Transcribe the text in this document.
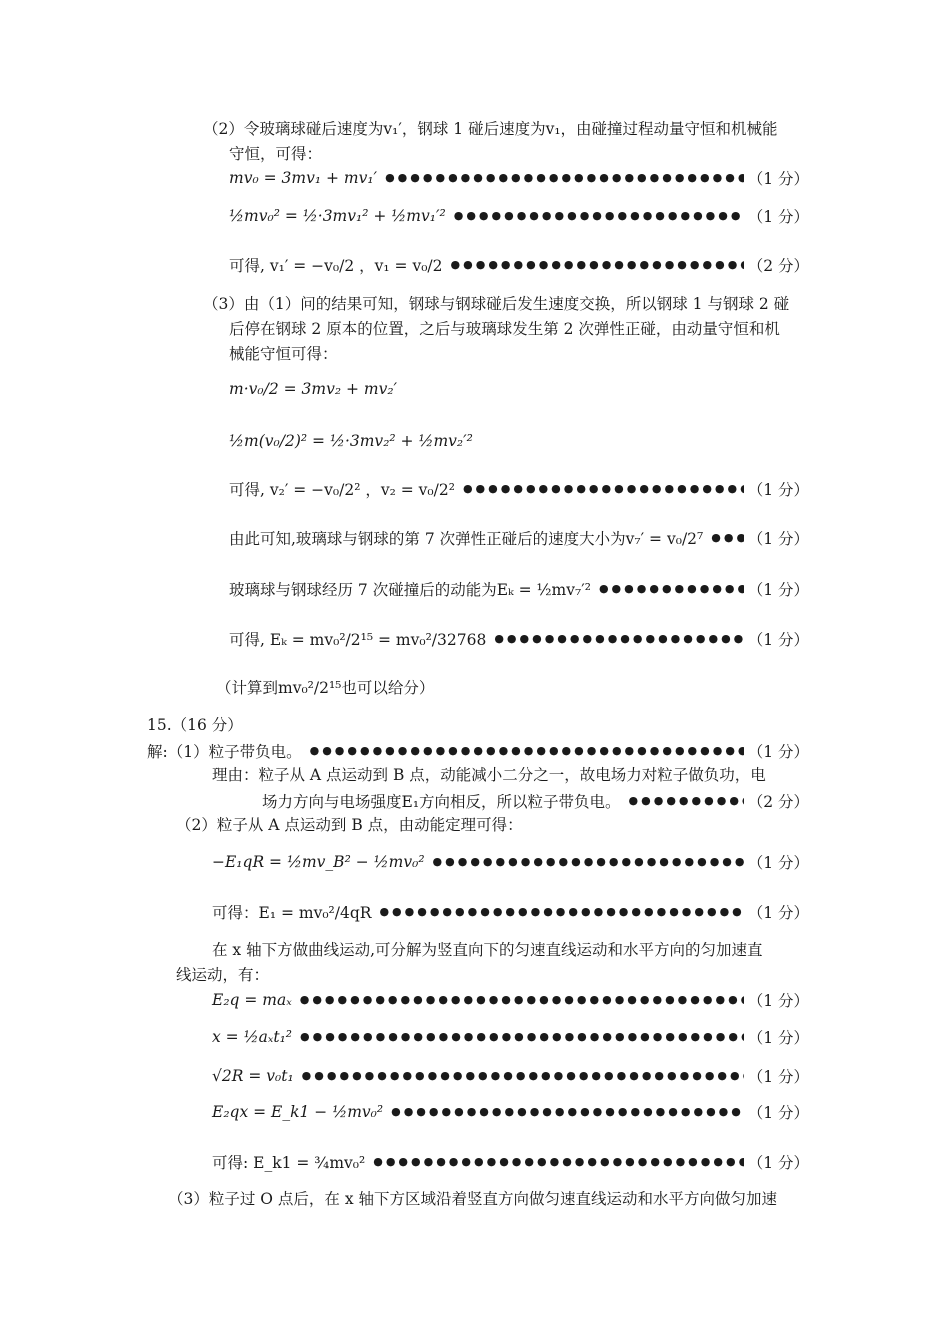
（2）令玻璃球碰后速度为v₁′，钢球 1 碰后速度为v₁，由碰撞过程动量守恒和机械能
守恒，可得：
mv₀ = 3mv₁ + mv₁′ ●●●●●●●●●●●●●●●●●●●●●●●●●●●●●●●●●●●●●●●●●●●●●●●●●●●●●●●●●●●●●●●●●●●●●●●●●●●●●●●●●●●●●	（1 分）
½mv₀² = ½·3mv₁² + ½mv₁′² ●●●●●●●●●●●●●●●●●●●●●●●●●●●●●●●●●●●●●●●●●●●●●●●●●●●●●●●●●●●●●●●●●●●●●●●●●●●●●●●●●●●●●	（1 分）
可得, v₁′ = −v₀/2 ，v₁ = v₀/2 ●●●●●●●●●●●●●●●●●●●●●●●●●●●●●●●●●●●●●●●●●●●●●●●●●●●●●●●●●●●●●●●●●●●●●●●●●●●●●●●●●●●●●	（2 分）
（3）由（1）问的结果可知，钢球与钢球碰后发生速度交换，所以钢球 1 与钢球 2 碰
后停在钢球 2 原本的位置，之后与玻璃球发生第 2 次弹性正碰，由动量守恒和机
械能守恒可得：
m·v₀/2 = 3mv₂ + mv₂′
½m(v₀/2)² = ½·3mv₂² + ½mv₂′²
可得, v₂′ = −v₀/2² ，v₂ = v₀/2² ●●●●●●●●●●●●●●●●●●●●●●●●●●●●●●●●●●●●●●●●●●●●●●●●●●●●●●●●●●●●●●●●●●●●●●●●●●●●●●●●●●●●●	（1 分）
由此可知,玻璃球与钢球的第 7 次弹性正碰后的速度大小为v₇′ = v₀/2⁷ ●●●●●●●●●●●●●●●●●●●●●●●●●●●●●●●●●●●●●●●●●●●●●●●●●●●●●●●●●●●●●●●●●●●●●●●●●●●●●●●●●●●●●	（1 分）
玻璃球与钢球经历 7 次碰撞后的动能为Eₖ = ½mv₇′² ●●●●●●●●●●●●●●●●●●●●●●●●●●●●●●●●●●●●●●●●●●●●●●●●●●●●●●●●●●●●●●●●●●●●●●●●●●●●●●●●●●●●●	（1 分）
可得, Eₖ = mv₀²/2¹⁵ = mv₀²/32768 ●●●●●●●●●●●●●●●●●●●●●●●●●●●●●●●●●●●●●●●●●●●●●●●●●●●●●●●●●●●●●●●●●●●●●●●●●●●●●●●●●●●●●	（1 分）
（计算到mv₀²/2¹⁵也可以给分）
15.（16 分）
解:（1）粒子带负电。 ●●●●●●●●●●●●●●●●●●●●●●●●●●●●●●●●●●●●●●●●●●●●●●●●●●●●●●●●●●●●●●●●●●●●●●●●●●●●●●●●●●●●●	（1 分）
理由：粒子从 A 点运动到 B 点，动能减小二分之一，故电场力对粒子做负功，电
场力方向与电场强度E₁方向相反，所以粒子带负电。 ●●●●●●●●●●●●●●●●●●●●●●●●●●●●●●●●●●●●●●●●●●●●●●●●●●●●●●●●●●●●●●●●●●●●●●●●●●●●●●●●●●●●●	（2 分）
（2）粒子从 A 点运动到 B 点，由动能定理可得：
−E₁qR = ½mv_B² − ½mv₀² ●●●●●●●●●●●●●●●●●●●●●●●●●●●●●●●●●●●●●●●●●●●●●●●●●●●●●●●●●●●●●●●●●●●●●●●●●●●●●●●●●●●●●	（1 分）
可得：E₁ = mv₀²/4qR ●●●●●●●●●●●●●●●●●●●●●●●●●●●●●●●●●●●●●●●●●●●●●●●●●●●●●●●●●●●●●●●●●●●●●●●●●●●●●●●●●●●●●	（1 分）
在 x 轴下方做曲线运动,可分解为竖直向下的匀速直线运动和水平方向的匀加速直
线运动，有：
E₂q = maₓ ●●●●●●●●●●●●●●●●●●●●●●●●●●●●●●●●●●●●●●●●●●●●●●●●●●●●●●●●●●●●●●●●●●●●●●●●●●●●●●●●●●●●●	（1 分）
x = ½aₓt₁² ●●●●●●●●●●●●●●●●●●●●●●●●●●●●●●●●●●●●●●●●●●●●●●●●●●●●●●●●●●●●●●●●●●●●●●●●●●●●●●●●●●●●●	（1 分）
√2R = v₀t₁ ●●●●●●●●●●●●●●●●●●●●●●●●●●●●●●●●●●●●●●●●●●●●●●●●●●●●●●●●●●●●●●●●●●●●●●●●●●●●●●●●●●●●●	（1 分）
E₂qx = E_k1 − ½mv₀² ●●●●●●●●●●●●●●●●●●●●●●●●●●●●●●●●●●●●●●●●●●●●●●●●●●●●●●●●●●●●●●●●●●●●●●●●●●●●●●●●●●●●●	（1 分）
可得: E_k1 = ¾mv₀² ●●●●●●●●●●●●●●●●●●●●●●●●●●●●●●●●●●●●●●●●●●●●●●●●●●●●●●●●●●●●●●●●●●●●●●●●●●●●●●●●●●●●●	（1 分）
（3）粒子过 O 点后，在 x 轴下方区域沿着竖直方向做匀速直线运动和水平方向做匀加速
